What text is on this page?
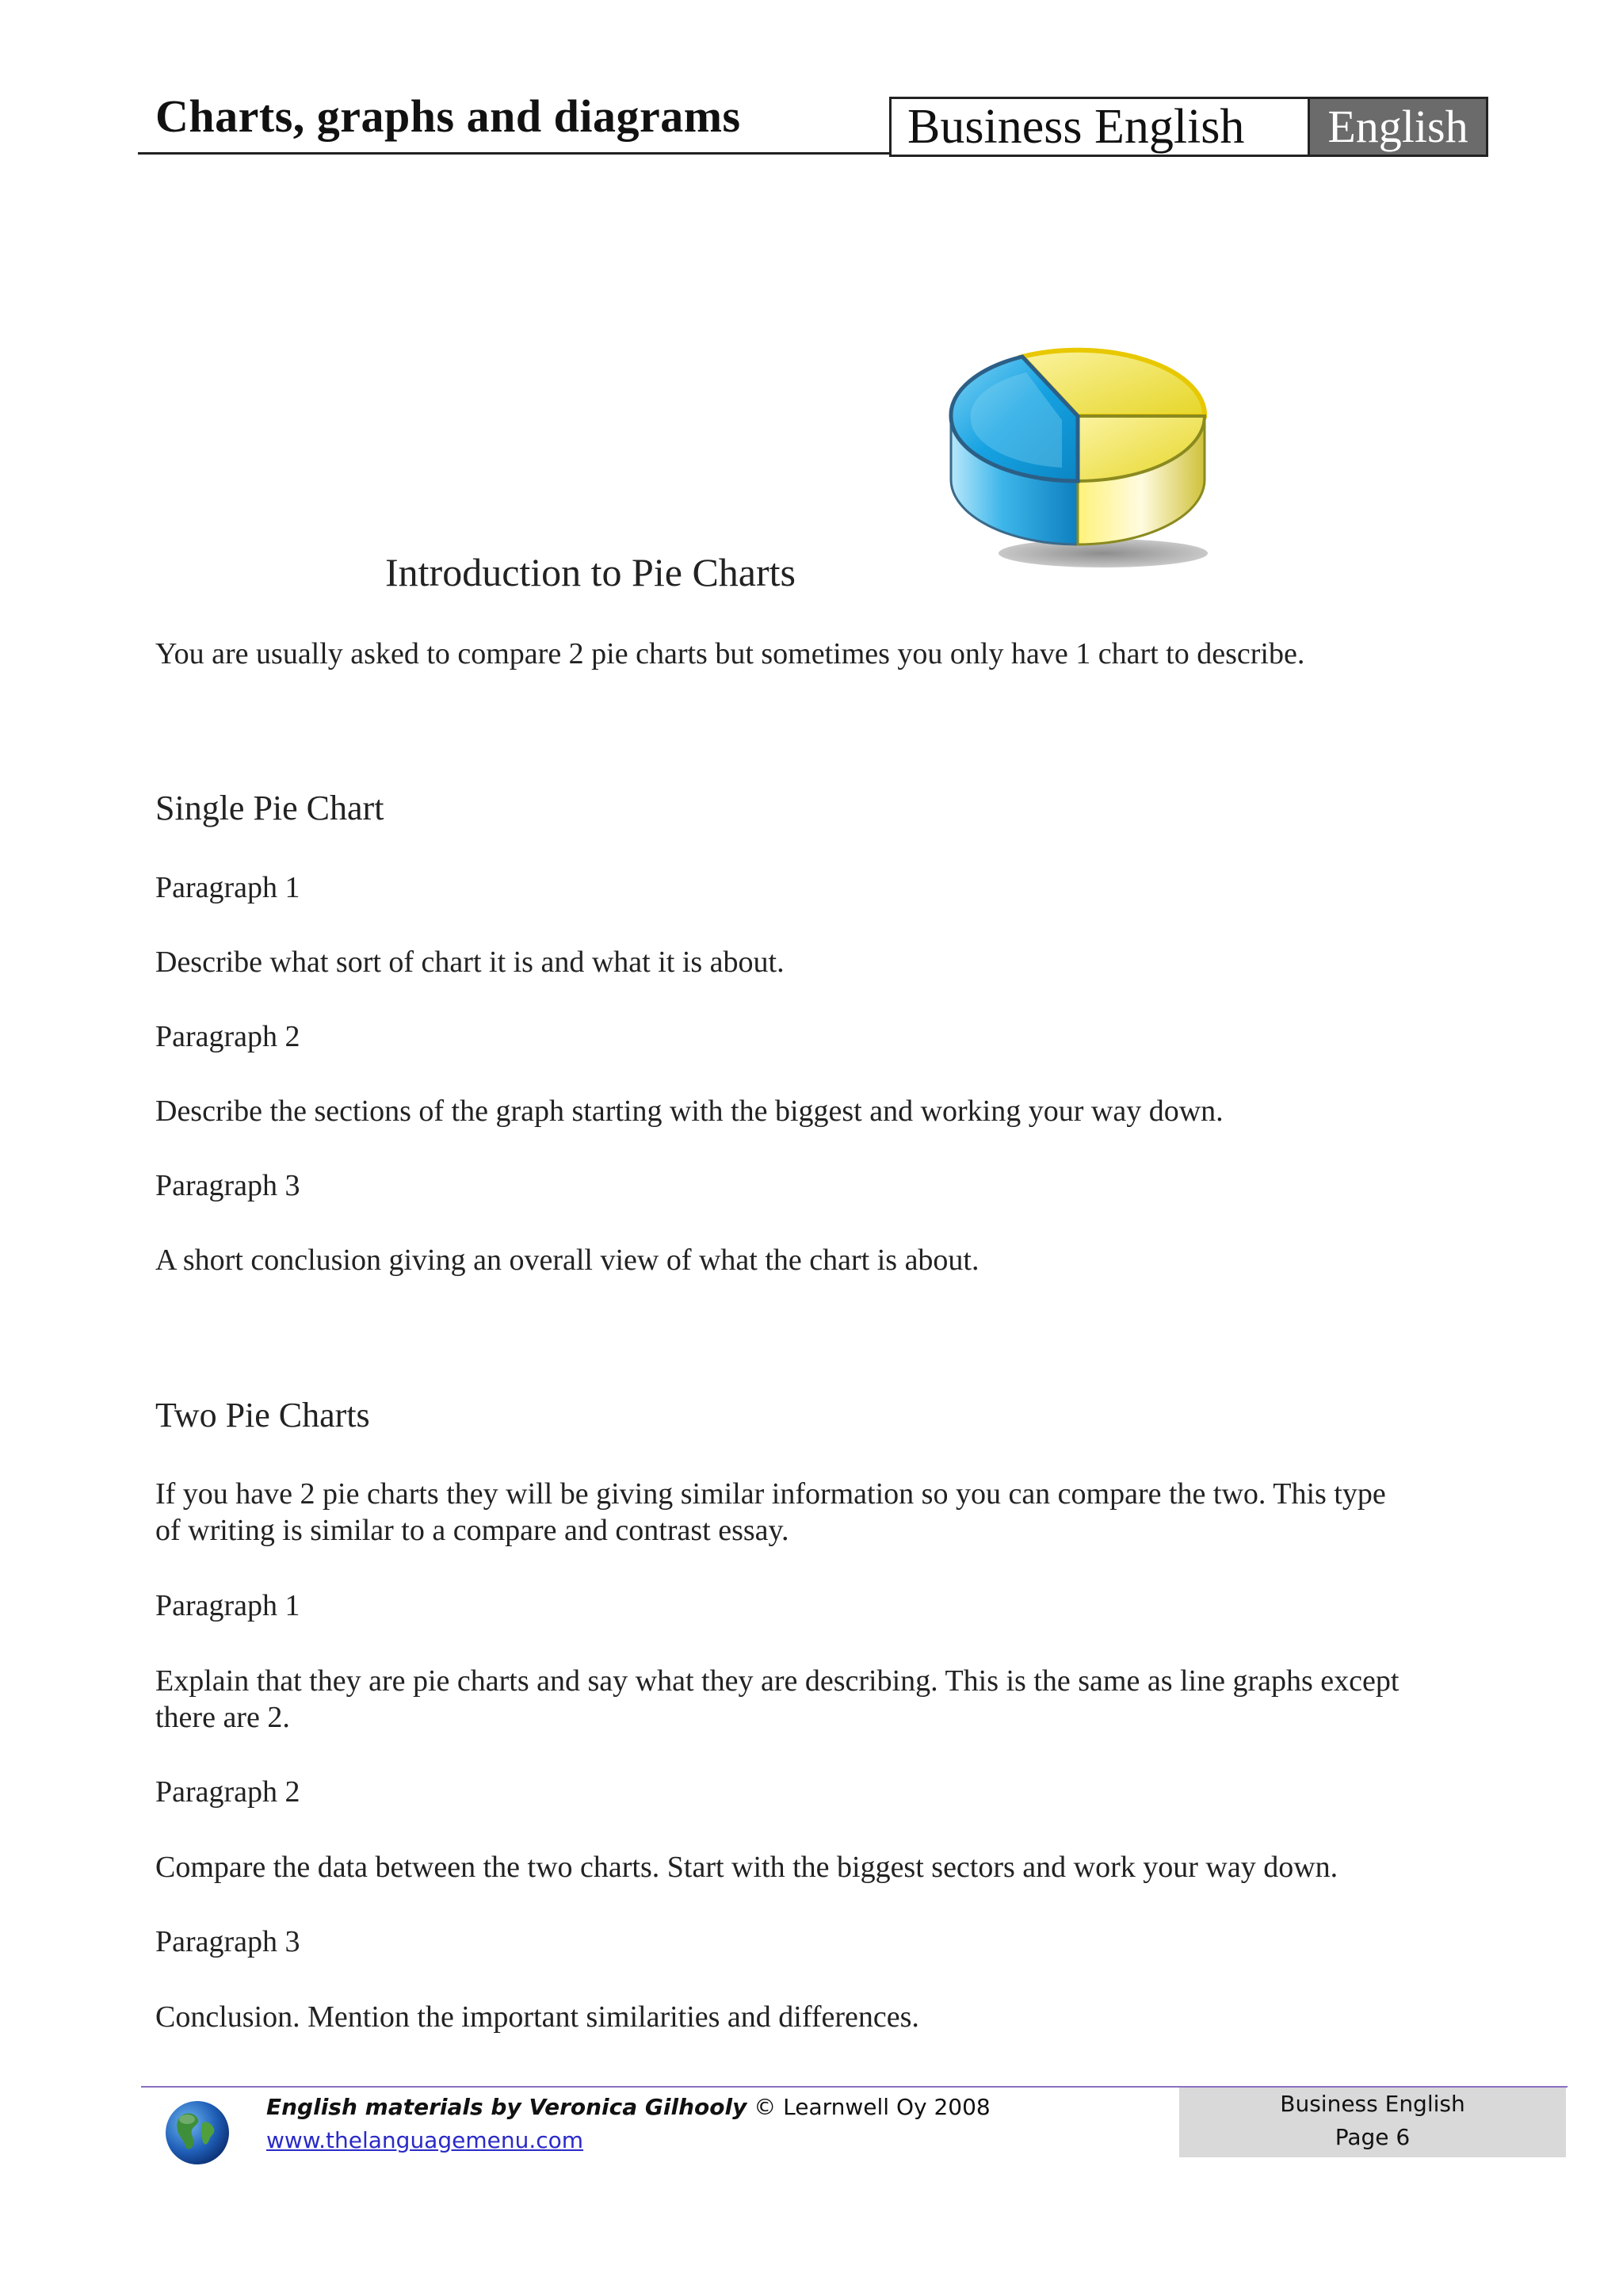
Charts, graphs and diagrams	Business English	English
Introduction to Pie Charts
You are usually asked to compare 2 pie charts but sometimes you only have 1 chart to describe.
Single Pie Chart
Paragraph 1
Describe what sort of chart it is and what it is about.
Paragraph 2
Describe the sections of the graph starting with the biggest and working your way down.
Paragraph 3
A short conclusion giving an overall view of what the chart is about.
Two Pie Charts
If you have 2 pie charts they will be giving similar information so you can compare the two. This type
of writing is similar to a compare and contrast essay.
Paragraph 1
Explain that they are pie charts and say what they are describing. This is the same as line graphs except
there are 2.
Paragraph 2
Compare the data between the two charts. Start with the biggest sectors and work your way down.
Paragraph 3
Conclusion. Mention the important similarities and differences.
English materials by Veronica Gilhooly © Learnwell Oy 2008
www.thelanguagemenu.com
Business English
Page 6
